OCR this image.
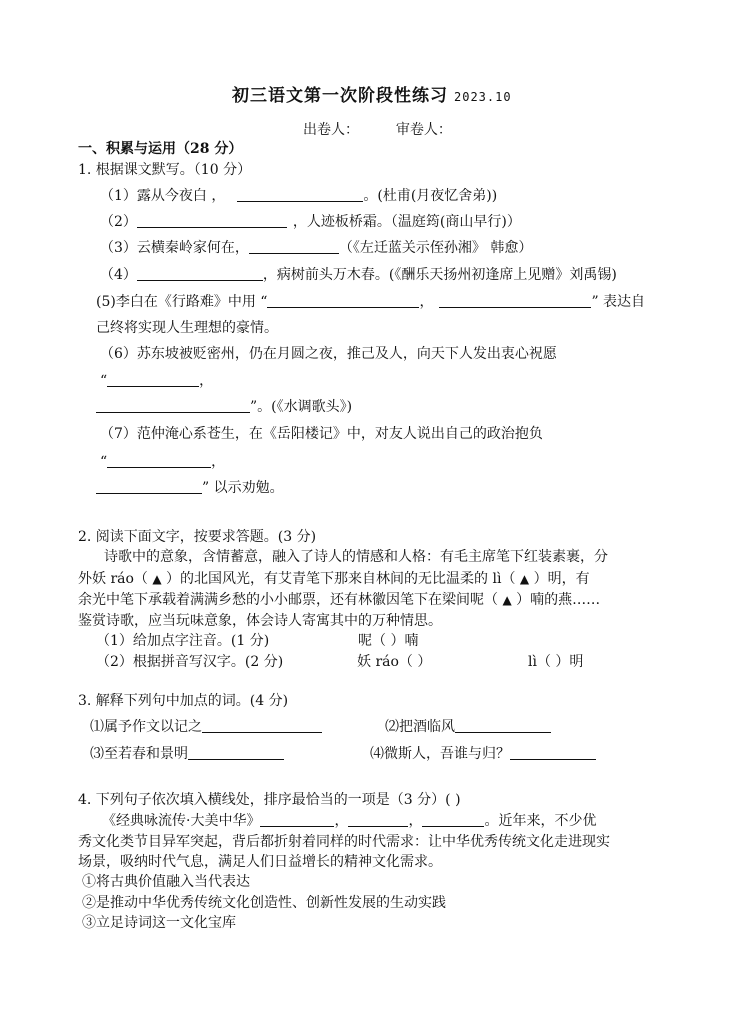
初三语文第一次阶段性练习 2023.10
出卷人：	审卷人：
一、积累与运用（28 分）
1. 根据课文默写。（10 分）
（1）露从今夜白 ，	。(杜甫(月夜忆舍弟))
（2）	，人迹板桥霜。（温庭筠(商山早行)）
（3）云横秦岭家何在，	（《左迁蓝关示侄孙湘》 韩愈）
（4）	，病树前头万木春。(《酬乐天扬州初逢席上见赠》刘禹锡)
(5)李白在《行路难》中用 “	，	” 表达自
己终将实现人生理想的豪情。
（6）苏东坡被贬密州，仍在月圆之夜，推己及人，向天下人发出衷心祝愿
“	，
”。(《水调歌头》)
（7）范仲淹心系苍生，在《岳阳楼记》中，对友人说出自己的政治抱负
“	，
” 以示劝勉。
2. 阅读下面文字，按要求答题。(3 分)
诗歌中的意象，含情蓄意，融入了诗人的情感和人格：有毛主席笔下红装素裹，分
外妖 ráo（ ▲ ）的北国风光，有艾青笔下那来自林间的无比温柔的 lì（ ▲ ）明，有
余光中笔下承载着满满乡愁的小小邮票，还有林徽因笔下在梁间呢（ ▲ ）喃的燕……
鉴赏诗歌，应当玩味意象，体会诗人寄寓其中的万种情思。
（1）给加点字注音。(1 分)	呢（ ）喃
（2）根据拼音写汉字。(2 分)	妖 ráo（ ）	lì（ ）明
3. 解释下列句中加点的词。(4 分)
⑴属予作文以记之	⑵把酒临风
⑶至若春和景明	⑷微斯人，吾谁与归？
4. 下列句子依次填入横线处，排序最恰当的一项是（3 分）( )
《经典咏流传·大美中华》	，	，	。近年来，不少优
秀文化类节目异军突起，背后都折射着同样的时代需求：让中华优秀传统文化走进现实
场景，吸纳时代气息，满足人们日益增长的精神文化需求。
①将古典价值融入当代表达
②是推动中华优秀传统文化创造性、创新性发展的生动实践
③立足诗词这一文化宝库
